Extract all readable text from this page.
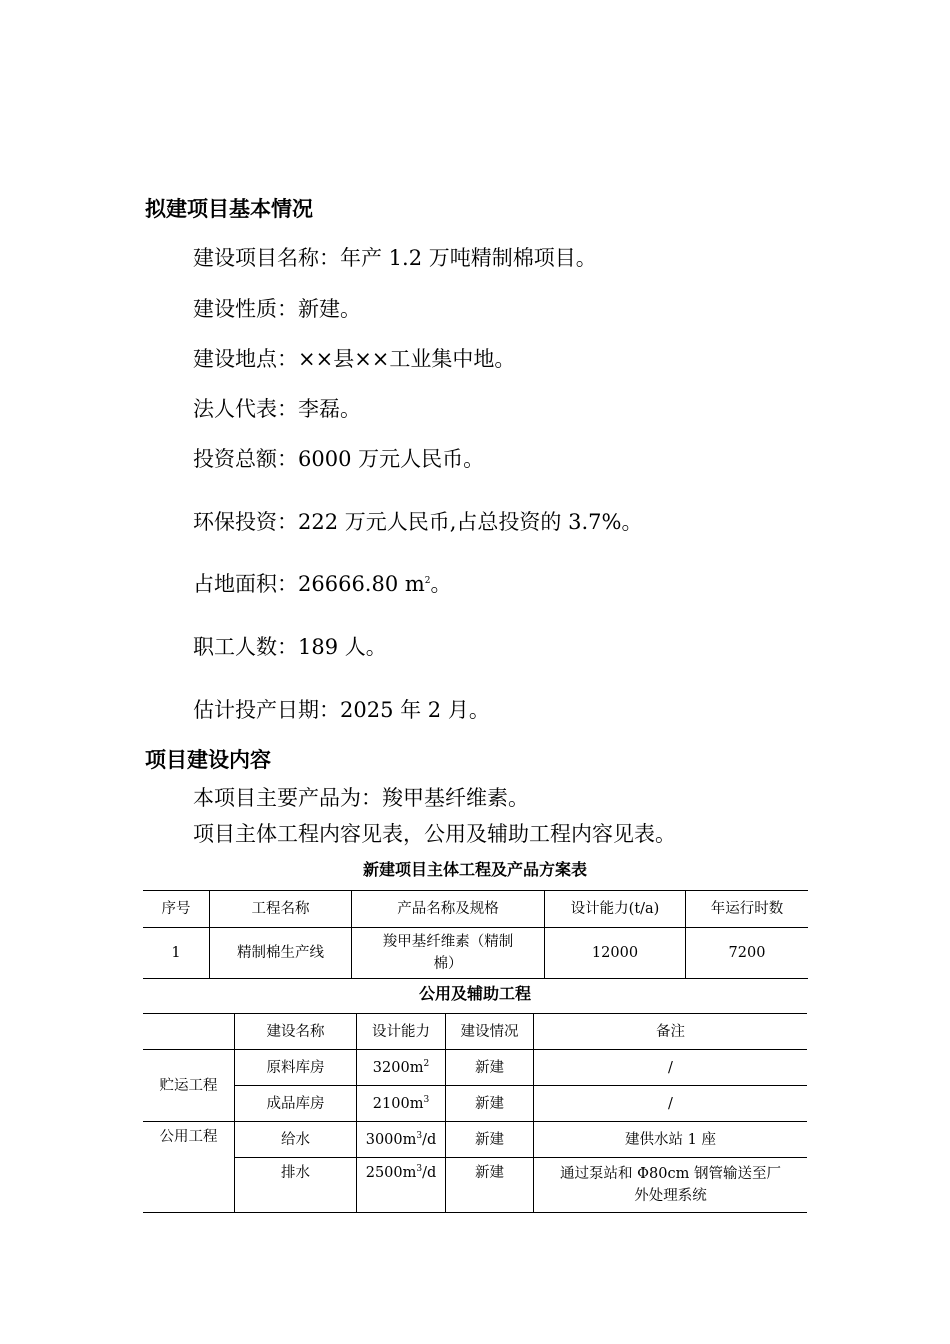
拟建项目基本情况
建设项目名称：年产 1.2 万吨精制棉项目。
建设性质：新建。
建设地点：××县××工业集中地。
法人代表：李磊。
投资总额：6000 万元人民币。
环保投资：222 万元人民币,占总投资的 3.7%。
占地面积：26666.80 $m^2$。
职工人数：189 人。
估计投产日期：2025 年 2 月。
项目建设内容
本项目主要产品为：羧甲基纤维素。
项目主体工程内容见表，公用及辅助工程内容见表。
新建项目主体工程及产品方案表
序号	工程名称	产品名称及规格	设计能力(t/a)	年运行时数
1	精制棉生产线	羧甲基纤维素（精制
棉）	12000	7200
公用及辅助工程
	建设名称	设计能力	建设情况	备注
贮运工程	原料库房	$3200m^2$	新建	/
	成品库房	$2100m^3$	新建	/
公用工程	给水	$3000m^3/d$	新建	建供水站 1 座
	排水	$2500m^3/d$	新建	通过泵站和 Φ80cm 钢管输送至厂
外处理系统
